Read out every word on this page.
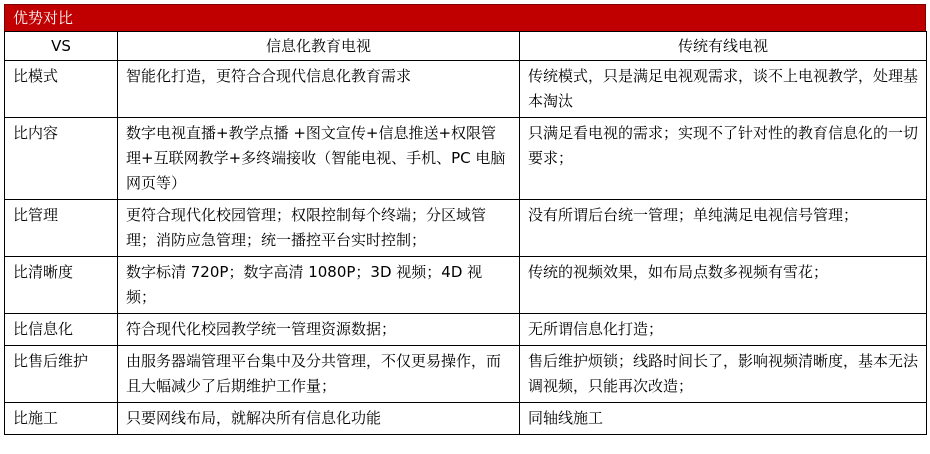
优势对比
VS	信息化教育电视	传统有线电视
比模式	智能化打造，更符合合现代信息化教育需求	传统模式，只是满足电视观需求，谈不上电视教学，处理基本淘汰
比内容	数字电视直播+教学点播 +图文宣传+信息推送+权限管理+互联网教学+多终端接收（智能电视、手机、PC 电脑网页等）	只满足看电视的需求；实现不了针对性的教育信息化的一切要求；
比管理	更符合现代化校园管理；权限控制每个终端；分区域管理；消防应急管理；统一播控平台实时控制；	没有所谓后台统一管理；单纯满足电视信号管理；
比清晰度	数字标清 720P；数字高清 1080P；3D 视频；4D 视频；	传统的视频效果，如布局点数多视频有雪花；
比信息化	符合现代化校园教学统一管理资源数据；	无所谓信息化打造；
比售后维护	由服务器端管理平台集中及分共管理，不仅更易操作，而且大幅减少了后期维护工作量；	售后维护烦锁；线路时间长了，影响视频清晰度，基本无法调视频，只能再次改造；
比施工	只要网线布局，就解决所有信息化功能	同轴线施工
